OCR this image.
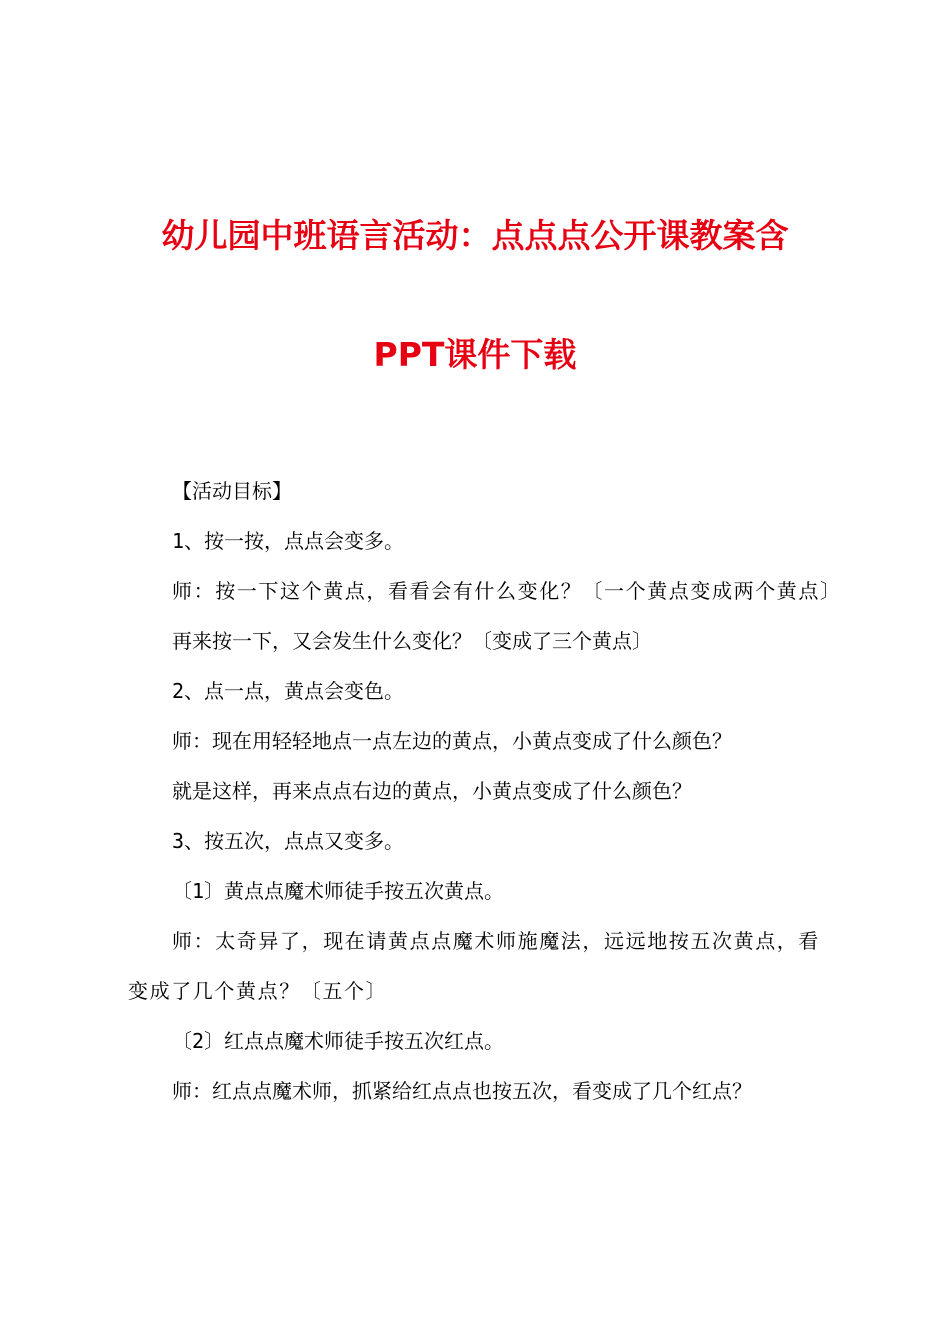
幼儿园中班语言活动：点点点公开课教案含
PPT课件下载

【活动目标】

1、按一按，点点会变多。

师：按一下这个黄点，看看会有什么变化？〔一个黄点变成两个黄点〕

再来按一下，又会发生什么变化？〔变成了三个黄点〕

2、点一点，黄点会变色。

师：现在用轻轻地点一点左边的黄点，小黄点变成了什么颜色？

就是这样，再来点点右边的黄点，小黄点变成了什么颜色？

3、按五次，点点又变多。

〔1〕黄点点魔术师徒手按五次黄点。

师：太奇异了，现在请黄点点魔术师施魔法，远远地按五次黄点，看变成了几个黄点？〔五个〕

〔2〕红点点魔术师徒手按五次红点。

师：红点点魔术师，抓紧给红点点也按五次，看变成了几个红点？
